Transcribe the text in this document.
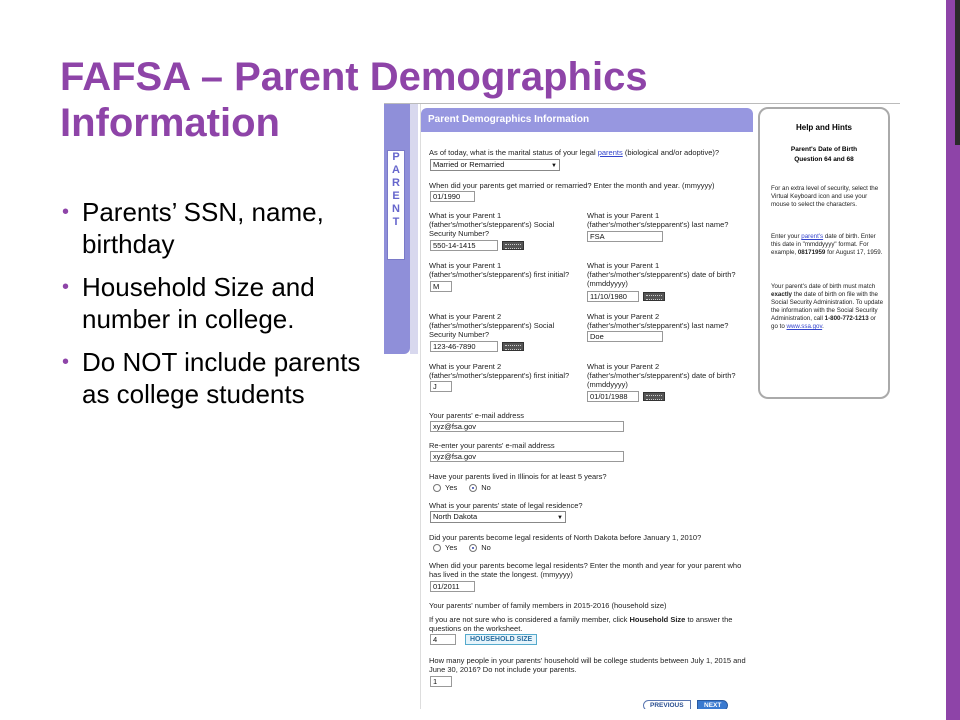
FAFSA – Parent Demographics Information
• Parents’ SSN, name, birthday
• Household Size and number in college.
• Do NOT include parents as college students
P
A
R
E
N
T
Parent Demographics Information
As of today, what is the marital status of your legal parents (biological and/or adoptive)?
Married or Remarried	▼
When did your parents get married or remarried? Enter the month and year. (mmyyyy)
01/1990
What is your Parent 1 (father's/mother's/stepparent's) Social Security Number?
550-14-1415
What is your Parent 1 (father's/mother's/stepparent's) last name?
FSA
What is your Parent 1 (father's/mother's/stepparent's) first initial?
M
What is your Parent 1 (father's/mother's/stepparent's) date of birth? (mmddyyyy)
11/10/1980
What is your Parent 2 (father's/mother's/stepparent's) Social Security Number?
123-46-7890
What is your Parent 2 (father's/mother's/stepparent's) last name?
Doe
What is your Parent 2 (father's/mother's/stepparent's) first initial?
J
What is your Parent 2 (father's/mother's/stepparent's) date of birth? (mmddyyyy)
01/01/1988
Your parents' e-mail address
xyz@fsa.gov
Re-enter your parents' e-mail address
xyz@fsa.gov
Have your parents lived in Illinois for at least 5 years?
Yes	No
What is your parents' state of legal residence?
North Dakota	▼
Did your parents become legal residents of North Dakota before January 1, 2010?
Yes	No
When did your parents become legal residents? Enter the month and year for your parent who has lived in the state the longest. (mmyyyy)
01/2011
Your parents' number of family members in 2015-2016 (household size)
If you are not sure who is considered a family member, click Household Size to answer the questions on the worksheet.
4	HOUSEHOLD SIZE
How many people in your parents' household will be college students between July 1, 2015 and June 30, 2016? Do not include your parents.
1
PREVIOUS	NEXT
Help and Hints
Parent's Date of Birth
Question 64 and 68
For an extra level of security, select the Virtual Keyboard icon and use your mouse to select the characters.
Enter your parent's date of birth. Enter this date in "mmddyyyy" format. For example, 08171959 for August 17, 1959.
Your parent's date of birth must match exactly the date of birth on file with the Social Security Administration. To update the information with the Social Security Administration, call 1-800-772-1213 or go to www.ssa.gov.
